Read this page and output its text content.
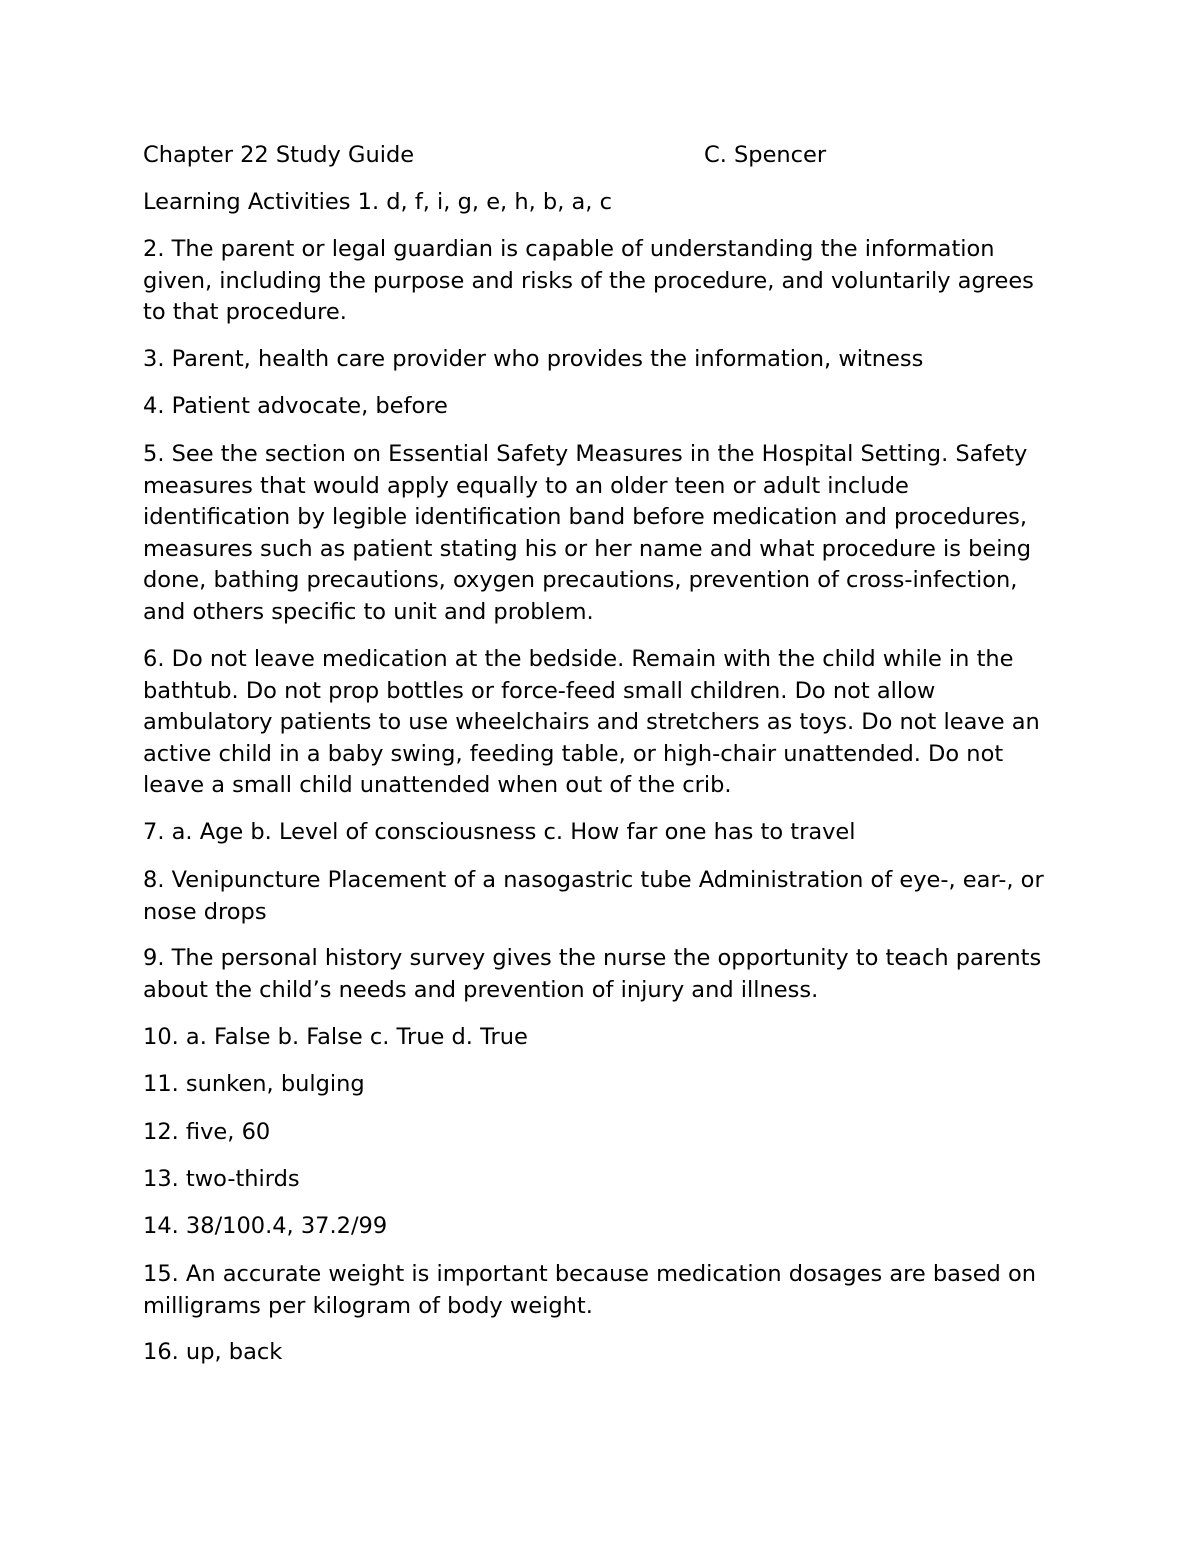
Chapter 22 Study Guide	C. Spencer

Learning Activities 1. d, f, i, g, e, h, b, a, c

2. The parent or legal guardian is capable of understanding the information given, including the purpose and risks of the procedure, and voluntarily agrees to that procedure.

3. Parent, health care provider who provides the information, witness

4. Patient advocate, before

5. See the section on Essential Safety Measures in the Hospital Setting. Safety measures that would apply equally to an older teen or adult include identification by legible identification band before medication and procedures, measures such as patient stating his or her name and what procedure is being done, bathing precautions, oxygen precautions, prevention of cross-infection, and others specific to unit and problem.

6. Do not leave medication at the bedside. Remain with the child while in the bathtub. Do not prop bottles or force-feed small children. Do not allow ambulatory patients to use wheelchairs and stretchers as toys. Do not leave an active child in a baby swing, feeding table, or high-chair unattended. Do not leave a small child unattended when out of the crib.

7. a. Age b. Level of consciousness c. How far one has to travel

8. Venipuncture Placement of a nasogastric tube Administration of eye-, ear-, or nose drops

9. The personal history survey gives the nurse the opportunity to teach parents about the child’s needs and prevention of injury and illness.

10. a. False b. False c. True d. True

11. sunken, bulging

12. five, 60

13. two-thirds

14. 38/100.4, 37.2/99

15. An accurate weight is important because medication dosages are based on milligrams per kilogram of body weight.

16. up, back
